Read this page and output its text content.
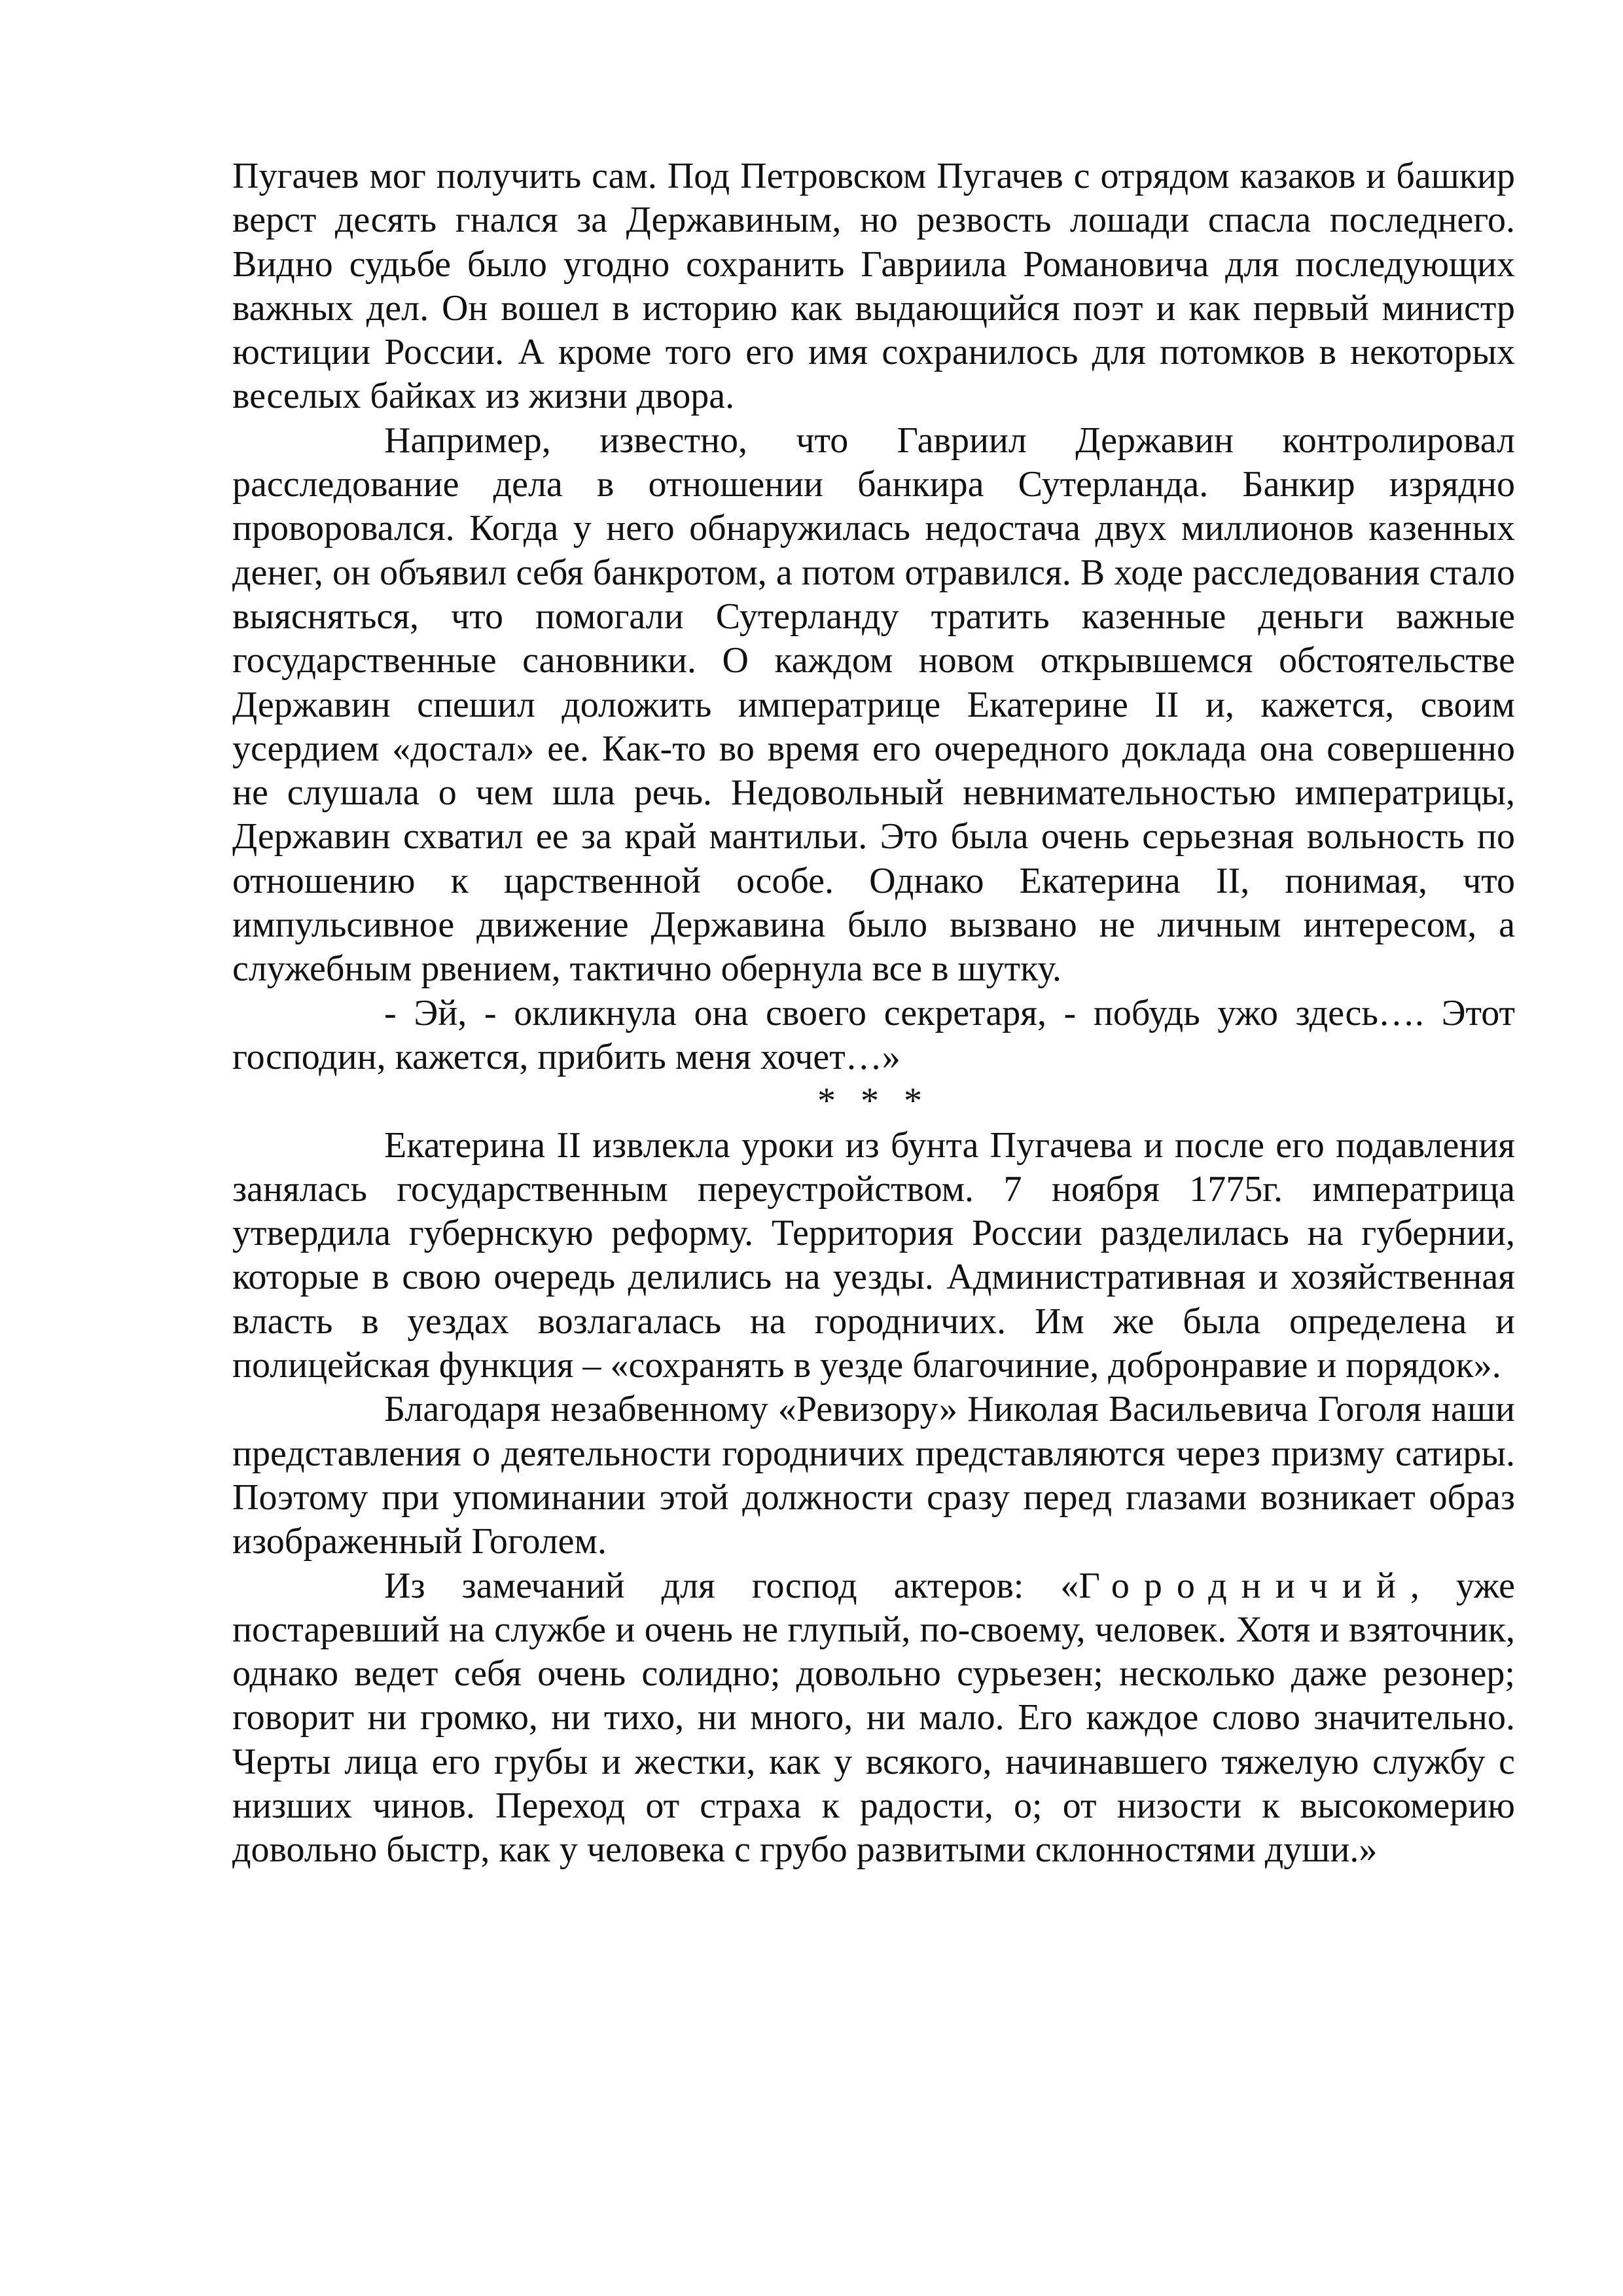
Пугачев мог получить сам. Под Петровском Пугачев с отрядом казаков и башкир верст десять гнался за Державиным, но резвость лошади спасла последнего. Видно судьбе было угодно сохранить Гавриила Романовича для последующих важных дел. Он вошел в историю как выдающийся поэт и как первый министр юстиции России. А кроме того его имя сохранилось для потомков в некоторых веселых байках из жизни двора.

Например, известно, что Гавриил Державин контролировал расследование дела в отношении банкира Сутерланда. Банкир изрядно проворовался. Когда у него обнаружилась недостача двух миллионов казенных денег, он объявил себя банкротом, а потом отравился. В ходе расследования стало выясняться, что помогали Сутерланду тратить казенные деньги важные государственные сановники. О каждом новом открывшемся обстоятельстве Державин спешил доложить императрице Екатерине II и, кажется, своим усердием «достал» ее. Как-то во время его очередного доклада она совершенно не слушала о чем шла речь. Недовольный невнимательностью императрицы, Державин схватил ее за край мантильи. Это была очень серьезная вольность по отношению к царственной особе. Однако Екатерина II, понимая, что импульсивное движение Державина было вызвано не личным интересом, а служебным рвением, тактично обернула все в шутку.

- Эй, - окликнула она своего секретаря, - побудь ужо здесь…. Этот господин, кажется, прибить меня хочет…»

* * *

Екатерина II извлекла уроки из бунта Пугачева и после его подавления занялась государственным переустройством. 7 ноября 1775г. императрица утвердила губернскую реформу. Территория России разделилась на губернии, которые в свою очередь делились на уезды. Административная и хозяйственная власть в уездах возлагалась на городничих. Им же была определена и полицейская функция – «сохранять в уезде благочиние, добронравие и порядок».

Благодаря незабвенному «Ревизору» Николая Васильевича Гоголя наши представления о деятельности городничих представляются через призму сатиры. Поэтому при упоминании этой должности сразу перед глазами возникает образ изображенный Гоголем.

Из замечаний для господ актеров: «Городничий, уже постаревший на службе и очень не глупый, по-своему, человек. Хотя и взяточник, однако ведет себя очень солидно; довольно сурьезен; несколько даже резонер; говорит ни громко, ни тихо, ни много, ни мало. Его каждое слово значительно. Черты лица его грубы и жестки, как у всякого, начинавшего тяжелую службу с низших чинов. Переход от страха к радости, о; от низости к высокомерию довольно быстр, как у человека с грубо развитыми склонностями души.»
